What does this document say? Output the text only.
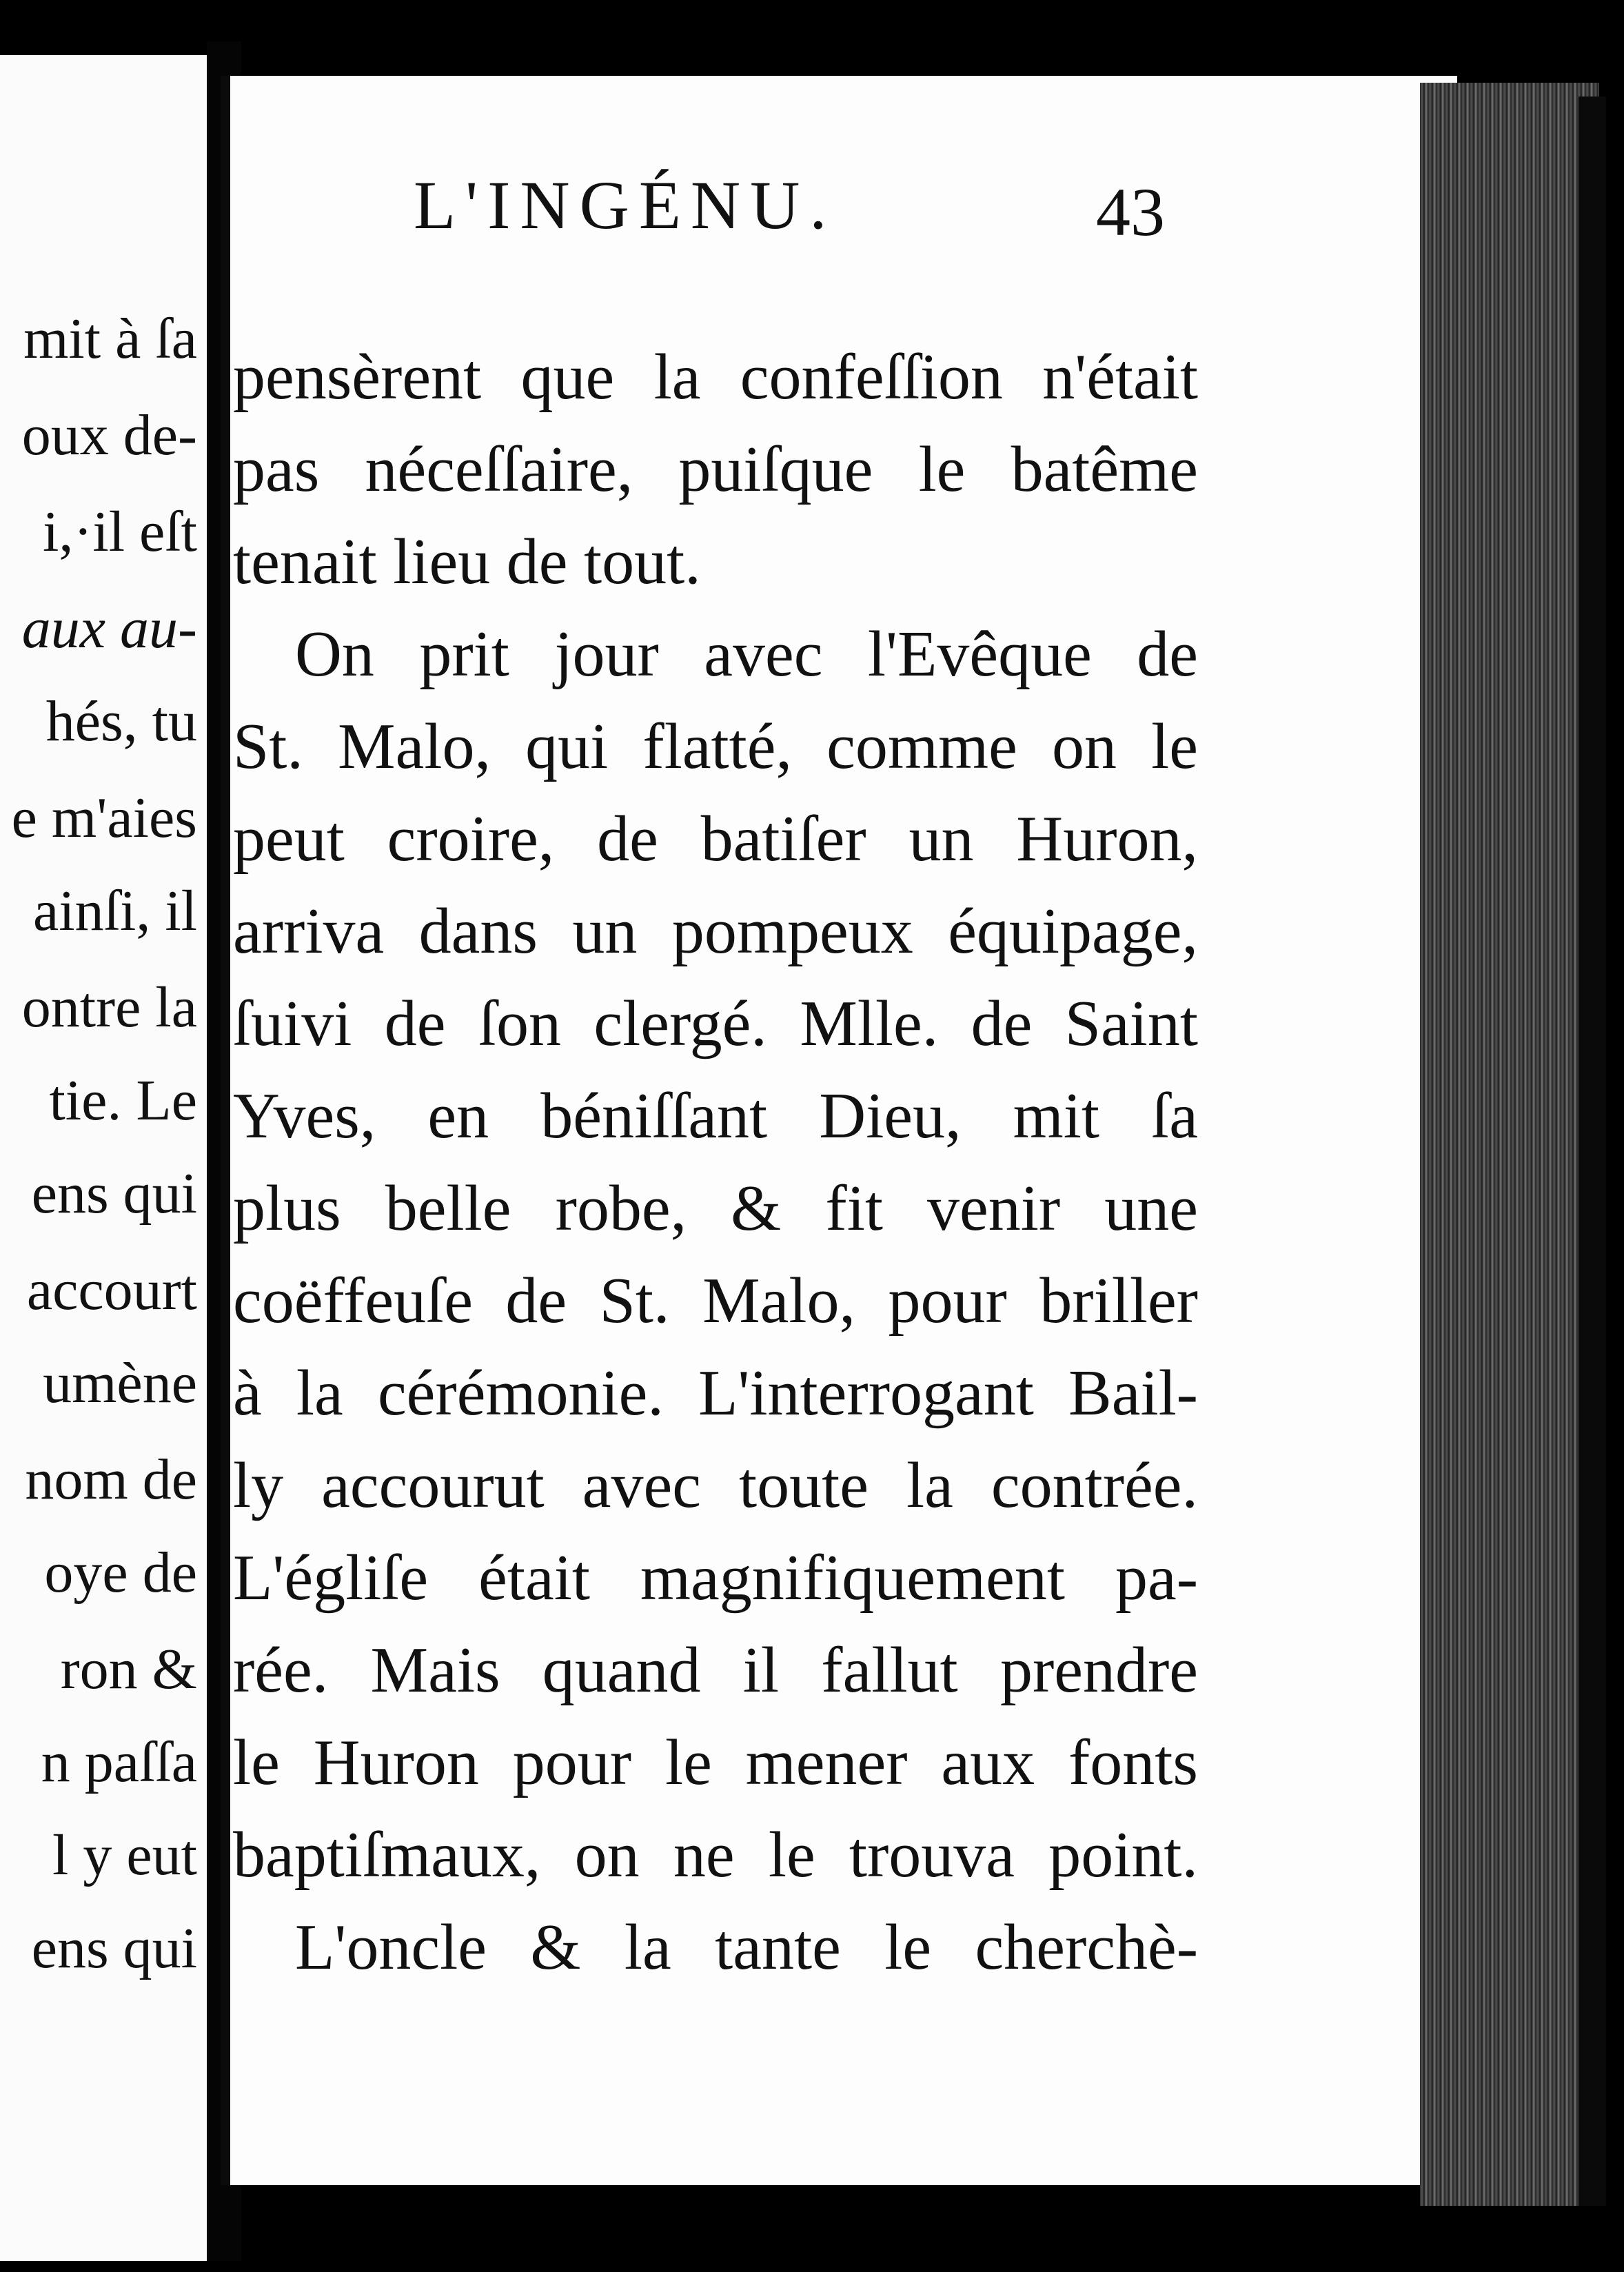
mit à ſa
oux de-
i,·il eſt
aux au-
hés, tu
e m'aies
ainſi, il
ontre la
tie. Le
ens qui
accourt
umène
nom de
oye de
ron &
n paſſa
l y eut
ens qui
L'INGÉNU.	43
pensèrent que la confeſſion n'était
pas néceſſaire, puiſque le batême
tenait lieu de tout.
On prit jour avec l'Evêque de
St. Malo, qui flatté, comme on le
peut croire, de batiſer un Huron,
arriva dans un pompeux équipage,
ſuivi de ſon clergé. Mlle. de Saint
Yves, en béniſſant Dieu, mit ſa
plus belle robe, & fit venir une
coëffeuſe de St. Malo, pour briller
à la cérémonie. L'interrogant Bail-
ly accourut avec toute la contrée.
L'égliſe était magnifiquement pa-
rée. Mais quand il fallut prendre
le Huron pour le mener aux fonts
baptiſmaux, on ne le trouva point.
L'oncle & la tante le cherchè-
